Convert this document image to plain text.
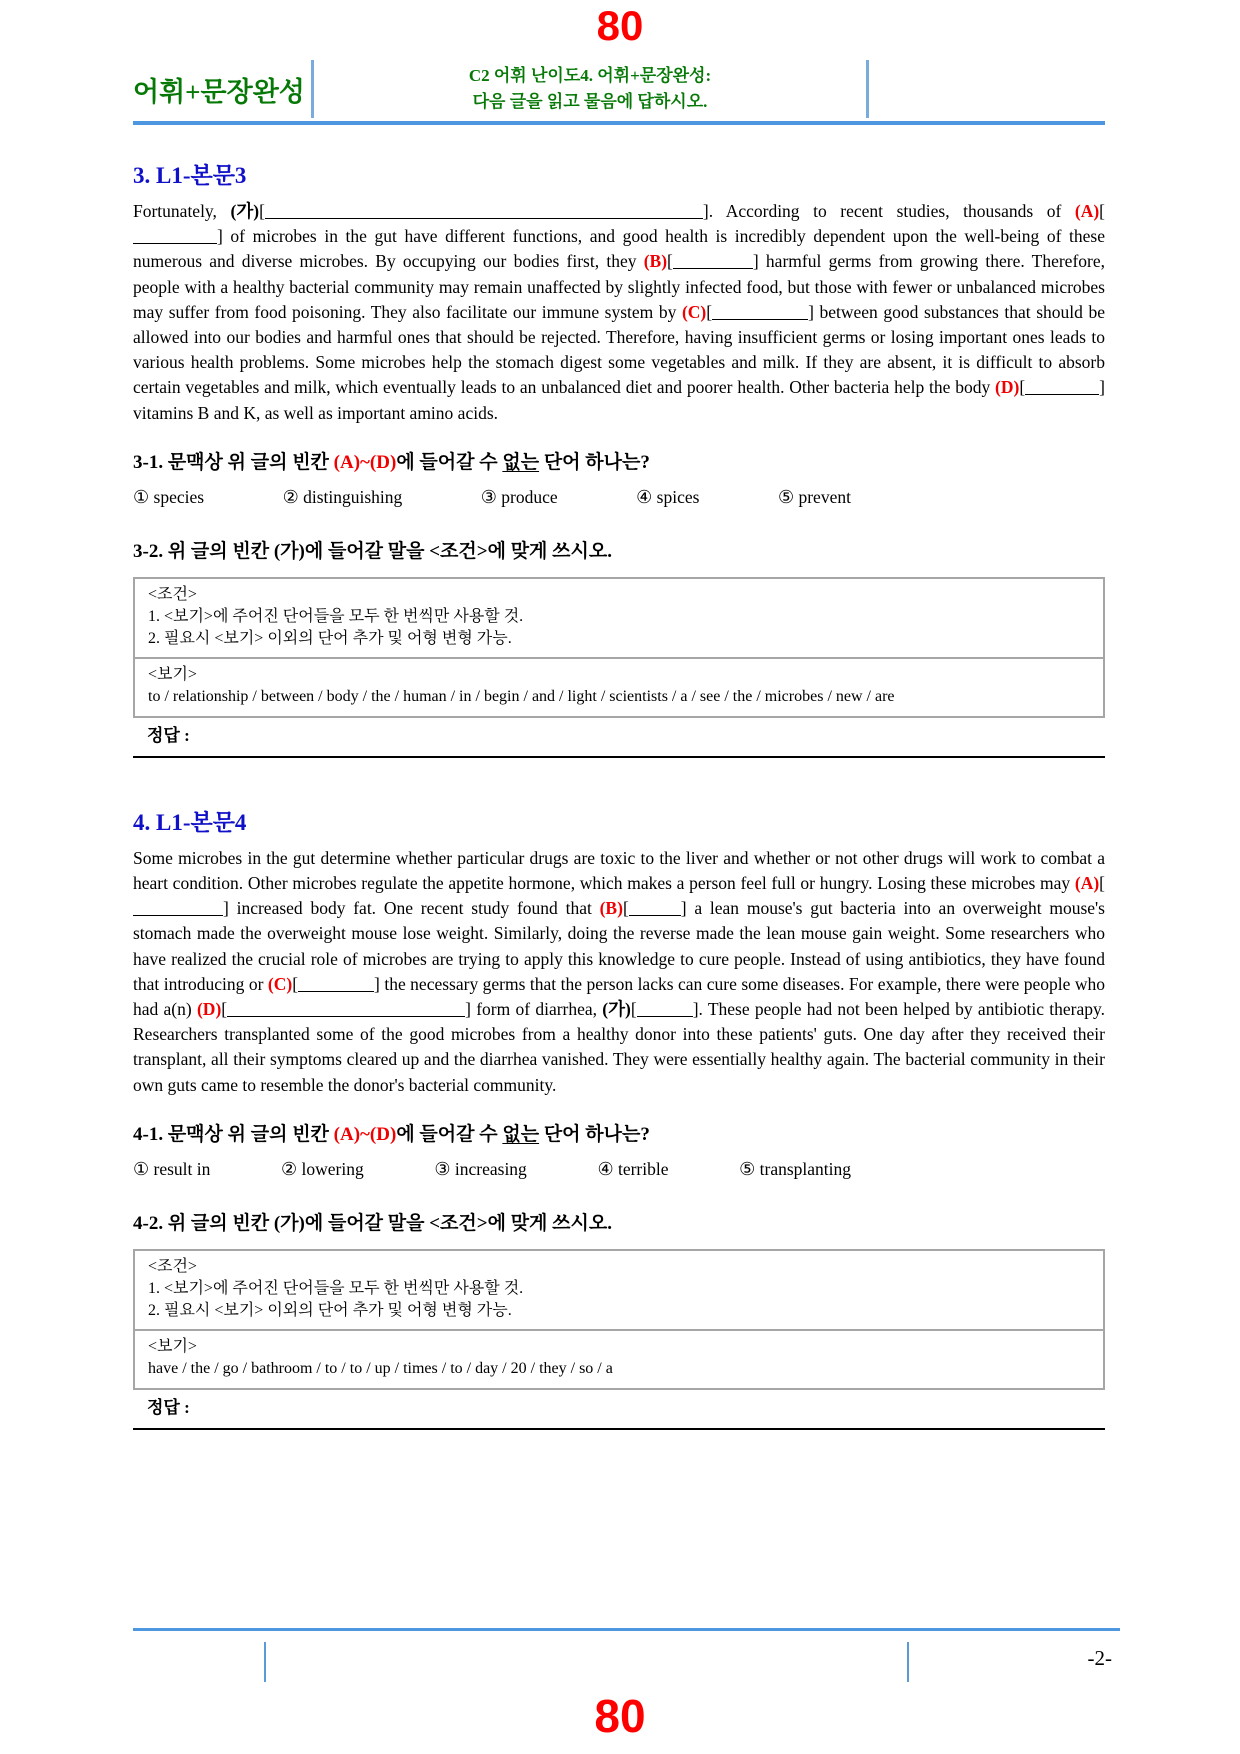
80
어휘+문장완성
C2 어휘 난이도4. 어휘+문장완성:
다음 글을 읽고 물음에 답하시오.
3. L1-본문3
Fortunately, (가)[	]. According to recent studies, thousands of (A)[] of microbes in the gut have different functions, and good health is incredibly dependent upon the well-being of these numerous and diverse microbes. By occupying our bodies first, they (B)[	] harmful germs from growing there. Therefore, people with a healthy bacterial community may remain unaffected by slightly infected food, but those with fewer or unbalanced microbes may suffer from food poisoning. They also facilitate our immune system by (C)[	] between good substances that should be allowed into our bodies and harmful ones that should be rejected. Therefore, having insufficient germs or losing important ones leads to various health problems. Some microbes help the stomach digest some vegetables and milk. If they are absent, it is difficult to absorb certain vegetables and milk, which eventually leads to an unbalanced diet and poorer health. Other bacteria help the body (D)[	] vitamins B and K, as well as important amino acids.
3-1. 문맥상 위 글의 빈칸 (A)~(D)에 들어갈 수 없는 단어 하나는?
① species	② distinguishing	③ produce	④ spices	⑤ prevent
3-2. 위 글의 빈칸 (가)에 들어갈 말을 <조건>에 맞게 쓰시오.
<조건>
1. <보기>에 주어진 단어들을 모두 한 번씩만 사용할 것.
2. 필요시 <보기> 이외의 단어 추가 및 어형 변형 가능.
<보기>
to / relationship / between / body / the / human / in / begin / and / light / scientists / a / see / the / microbes / new / are
정답 :
4. L1-본문4
Some microbes in the gut determine whether particular drugs are toxic to the liver and whether or not other drugs will work to combat a heart condition. Other microbes regulate the appetite hormone, which makes a person feel full or hungry. Losing these microbes may (A)[] increased body fat. One recent study found that (B)[	] a lean mouse's gut bacteria into an overweight mouse's stomach made the overweight mouse lose weight. Similarly, doing the reverse made the lean mouse gain weight. Some researchers who have realized the crucial role of microbes are trying to apply this knowledge to cure people. Instead of using antibiotics, they have found that introducing or (C)[	] the necessary germs that the person lacks can cure some diseases. For example, there were people who had a(n) (D)[	] form of diarrhea, (가)[	]. These people had not been helped by antibiotic therapy. Researchers transplanted some of the good microbes from a healthy donor into these patients' guts. One day after they received their transplant, all their symptoms cleared up and the diarrhea vanished. They were essentially healthy again. The bacterial community in their own guts came to resemble the donor's bacterial community.
4-1. 문맥상 위 글의 빈칸 (A)~(D)에 들어갈 수 없는 단어 하나는?
① result in	② lowering	③ increasing	④ terrible	⑤ transplanting
4-2. 위 글의 빈칸 (가)에 들어갈 말을 <조건>에 맞게 쓰시오.
<조건>
1. <보기>에 주어진 단어들을 모두 한 번씩만 사용할 것.
2. 필요시 <보기> 이외의 단어 추가 및 어형 변형 가능.
<보기>
have / the / go / bathroom / to / to / up / times / to / day / 20 / they / so / a
정답 :
-2-
80
